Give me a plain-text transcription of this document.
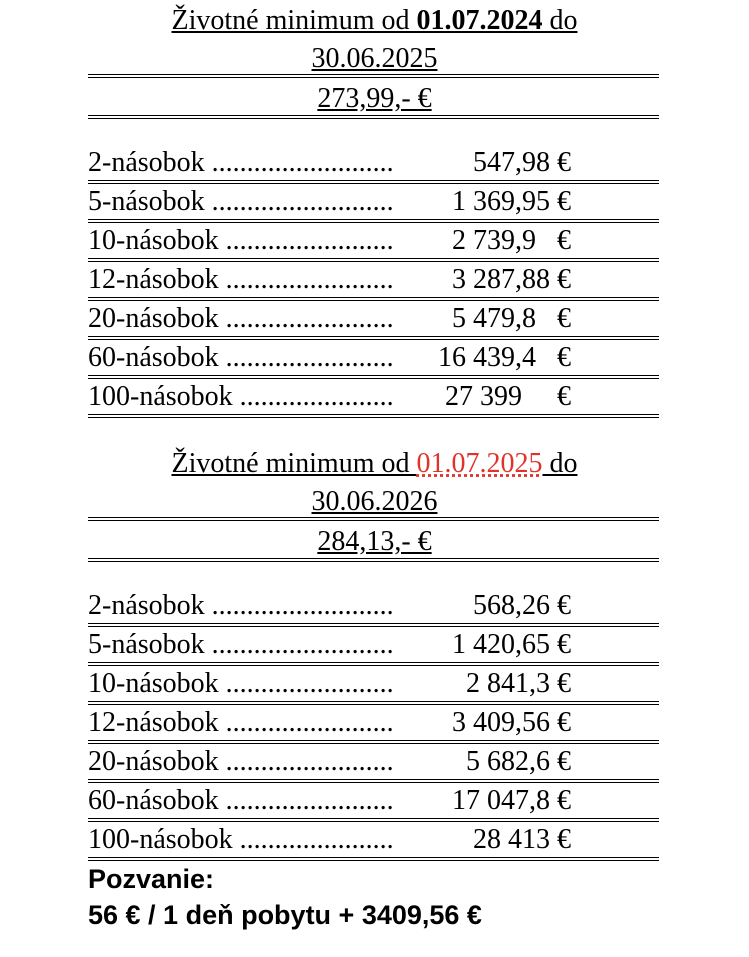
Životné minimum od 01.07.2024 do
30.06.2025
273,99,- €
2-násobok ..........................	547,98 €
5-násobok .......................... 1 369,95 €
10-násobok ........................ 2 739,9   €
12-násobok ........................ 3 287,88 €
20-násobok ........................ 5 479,8   €
60-násobok ........................ 16 439,4   €
100-násobok ...................... 27 399     €
Životné minimum od 01.07.2025 do
30.06.2026
284,13,- €
2-násobok ..........................	568,26 €
5-násobok .......................... 1 420,65 €
10-násobok ........................	2 841,3 €
12-násobok ........................ 3 409,56 €
20-násobok ........................	5 682,6 €
60-násobok ........................ 17 047,8 €
100-násobok ......................	28 413 €
Pozvanie:
56 € / 1 deň pobytu + 3409,56 €
